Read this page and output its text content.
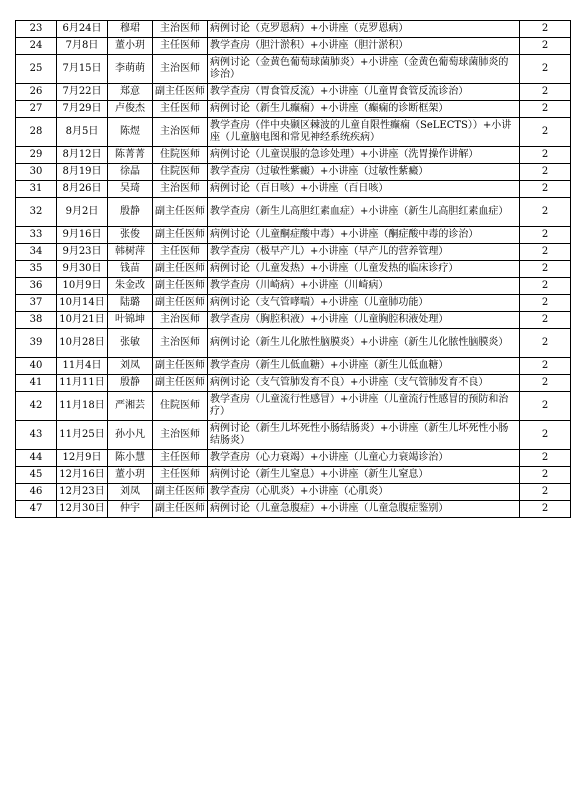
23	6月24日	穆珺	主治医师	病例讨论（克罗恩病）+小讲座（克罗恩病）	2
24	7月8日	董小玥	主任医师	教学查房（胆汁淤积）+小讲座（胆汁淤积）	2
25	7月15日	李萌萌	主治医师	病例讨论（金黄色葡萄球菌肺炎）+小讲座（金黄色葡萄球菌肺炎的诊治）	2
26	7月22日	郑意	副主任医师	教学查房（胃食管反流）+小讲座（儿童胃食管反流诊治）	2
27	7月29日	卢俊杰	主任医师	病例讨论（新生儿癫痫）+小讲座（癫痫的诊断框架）	2
28	8月5日	陈煜	主治医师	教学查房（伴中央颞区棘波的儿童自限性癫痫（SeLECTS））+小讲座（儿童脑电图和常见神经系统疾病）	2
29	8月12日	陈菁菁	住院医师	病例讨论（儿童误服的急诊处理）+小讲座（洗胃操作讲解）	2
30	8月19日	徐晶	住院医师	教学查房（过敏性紫癜）+小讲座（过敏性紫癜）	2
31	8月26日	吴琦	主治医师	病例讨论（百日咳）+小讲座（百日咳）	2
32	9月2日	殷静	副主任医师	教学查房（新生儿高胆红素血症）+小讲座（新生儿高胆红素血症）	2
33	9月16日	张俊	副主任医师	病例讨论（儿童酮症酸中毒）+小讲座（酮症酸中毒的诊治）	2
34	9月23日	韩树萍	主任医师	教学查房（极早产儿）+小讲座（早产儿的营养管理）	2
35	9月30日	钱苗	副主任医师	病例讨论（儿童发热）+小讲座（儿童发热的临床诊疗）	2
36	10月9日	朱金改	副主任医师	教学查房（川崎病）+小讲座（川崎病）	2
37	10月14日	陆璐	副主任医师	病例讨论（支气管哮喘）+小讲座（儿童肺功能）	2
38	10月21日	叶锦坤	主治医师	教学查房（胸腔积液）+小讲座（儿童胸腔积液处理）	2
39	10月28日	张敏	主治医师	病例讨论（新生儿化脓性脑膜炎）+小讲座（新生儿化脓性脑膜炎）	2
40	11月4日	刘凤	副主任医师	教学查房（新生儿低血糖）+小讲座（新生儿低血糖）	2
41	11月11日	殷静	副主任医师	病例讨论（支气管肺发育不良）+小讲座（支气管肺发育不良）	2
42	11月18日	严湘芸	住院医师	教学查房（儿童流行性感冒）+小讲座（儿童流行性感冒的预防和治疗）	2
43	11月25日	孙小凡	主治医师	病例讨论（新生儿坏死性小肠结肠炎）+小讲座（新生儿坏死性小肠结肠炎）	2
44	12月9日	陈小慧	主任医师	教学查房（心力衰竭）+小讲座（儿童心力衰竭诊治）	2
45	12月16日	董小玥	主任医师	病例讨论（新生儿窒息）+小讲座（新生儿窒息）	2
46	12月23日	刘凤	副主任医师	教学查房（心肌炎）+小讲座（心肌炎）	2
47	12月30日	仲宇	副主任医师	病例讨论（儿童急腹症）+小讲座（儿童急腹症鉴别）	2
